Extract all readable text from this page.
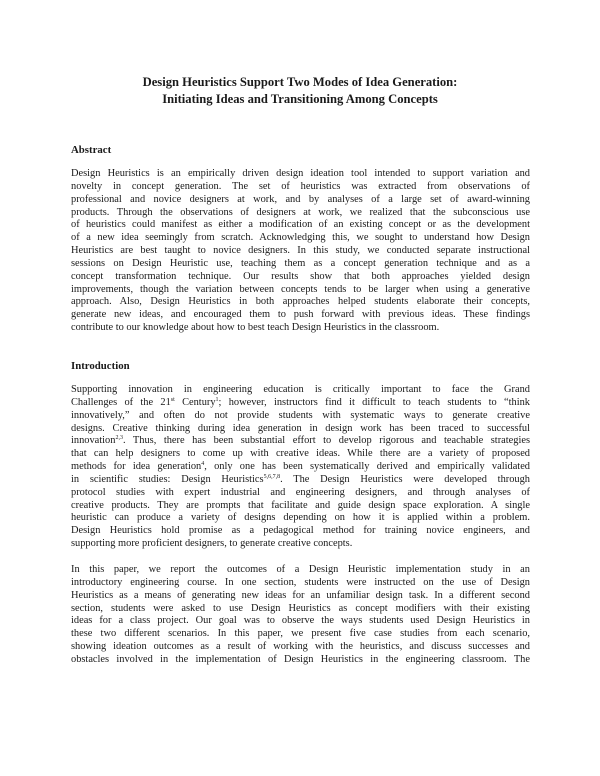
Design Heuristics Support Two Modes of Idea Generation:
Initiating Ideas and Transitioning Among Concepts
Abstract
Design Heuristics is an empirically driven design ideation tool intended to support variation and
novelty in concept generation. The set of heuristics was extracted from observations of
professional and novice designers at work, and by analyses of a large set of award-winning
products. Through the observations of designers at work, we realized that the subconscious use
of heuristics could manifest as either a modification of an existing concept or as the development
of a new idea seemingly from scratch. Acknowledging this, we sought to understand how Design
Heuristics are best taught to novice designers. In this study, we conducted separate instructional
sessions on Design Heuristic use, teaching them as a concept generation technique and as a
concept transformation technique. Our results show that both approaches yielded design
improvements, though the variation between concepts tends to be larger when using a generative
approach. Also, Design Heuristics in both approaches helped students elaborate their concepts,
generate new ideas, and encouraged them to push forward with previous ideas. These findings
contribute to our knowledge about how to best teach Design Heuristics in the classroom.
Introduction
Supporting innovation in engineering education is critically important to face the Grand
Challenges of the 21st Century$^1$; however, instructors find it difficult to teach students to “think
innovatively,” and often do not provide students with systematic ways to generate creative
designs. Creative thinking during idea generation in design work has been traced to successful
innovation$^{2,3}$. Thus, there has been substantial effort to develop rigorous and teachable strategies
that can help designers to come up with creative ideas. While there are a variety of proposed
methods for idea generation$^4$, only one has been systematically derived and empirically validated
in scientific studies: Design Heuristics$^{5,6,7,8}$. The Design Heuristics were developed through
protocol studies with expert industrial and engineering designers, and through analyses of
creative products. They are prompts that facilitate and guide design space exploration. A single
heuristic can produce a variety of designs depending on how it is applied within a problem.
Design Heuristics hold promise as a pedagogical method for training novice engineers, and
supporting more proficient designers, to generate creative concepts.
In this paper, we report the outcomes of a Design Heuristic implementation study in an
introductory engineering course. In one section, students were instructed on the use of Design
Heuristics as a means of generating new ideas for an unfamiliar design task. In a different second
section, students were asked to use Design Heuristics as concept modifiers with their existing
ideas for a class project. Our goal was to observe the ways students used Design Heuristics in
these two different scenarios. In this paper, we present five case studies from each scenario,
showing ideation outcomes as a result of working with the heuristics, and discuss successes and
obstacles involved in the implementation of Design Heuristics in the engineering classroom. The
